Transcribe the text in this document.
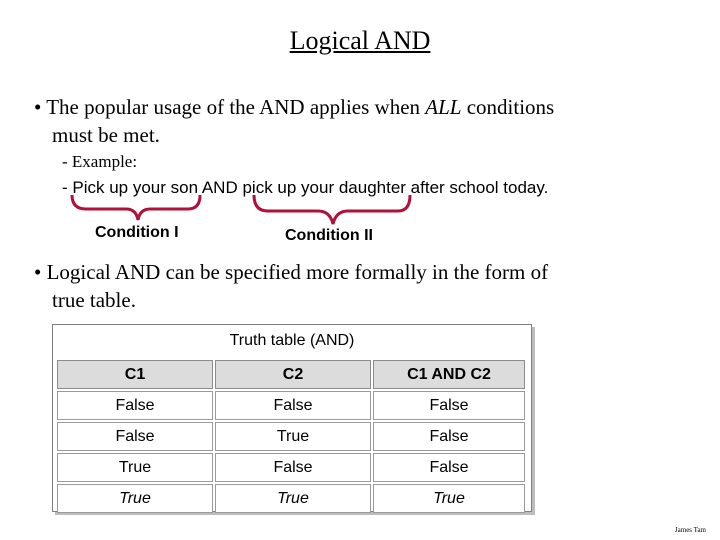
Logical AND
• The popular usage of the AND applies when ALL conditions
must be met.
- Example:
- Pick up your son AND pick up your daughter after school today.
Condition I	Condition II
• Logical AND can be specified more formally in the form of
true table.
Truth table (AND)
C1	C2	C1 AND C2
False	False	False
False	True	False
True	False	False
True	True	True
James Tam
